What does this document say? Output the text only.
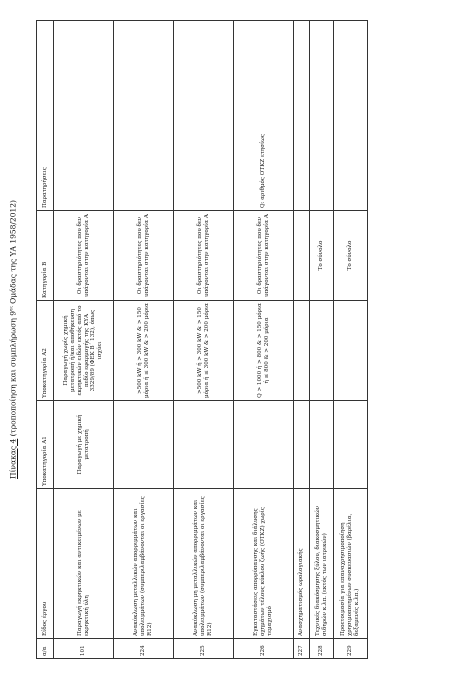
Πίνακας 4 (τροποποίηση και συμπλήρωση $9^{\eta\varsigma}$ Ομάδας της ΥΑ 1958/2012)
α/α	Είδος έργου	Υποκατηγορία Α1	Υποκατηγορία Α2	Κατηγορία Β	Παρατηρήσεις
101	Παραγωγή εκρηκτικών και αντικειμένων με εκρηκτική ύλη	Παραγωγή με χημική μετατροπή	Παραγωγή χωρίς χημική μετατροπή ή/και αποθήκευση εκρηκτικών ειδών εκτός από το πεδίο εφαρμογής της ΚΥΑ 3329/89 (ΦΕΚ Β΄ 132), όπως ισχύει	Οι δραστηριότητες που δεν υπάγονται στην κατηγορία Α	
224	Ανακύκλωση μεταλλικών απορριμμάτων και υπολειμμάτων (συμπεριλαμβάνονται οι εργασίες R12)		>500 kW ή > 300 kW & > 150 μόρια ή ≤ 300 kW & > 200 μόρια	Οι δραστηριότητες που δεν υπάγονται στην κατηγορία Α	
225	Ανακύκλωση μη μεταλλικών απορριμμάτων και υπολειμμάτων (συμπεριλαμβάνονται οι εργασίες R12)		>500 kW ή > 300 kW & > 150 μόρια ή ≤ 300 kW & > 200 μόρια	Οι δραστηριότητες που δεν υπάγονται στην κατηγορία Α	
226	Εγκαταστάσεις απορρύπανσης και διάλυσης οχημάτων τέλους κύκλου ζωής (ΟΤΚΖ) χωρίς τεμαχισμό		Q > 1000 ή > 800 & > 150 μόρια ή ≤ 800 & > 200 μόρια	Οι δραστηριότητες που δεν υπάγονται στην κατηγορία Α	Q: αριθμός ΟΤΚΖ ετησίως
227	Ανασχηματισμός ωρολογιακής				
228	Τεχνικές διακόσμησης ξύλου, διακοσμητικών σιδηρών κ.λπ. (εκτός των ιατρικών)			Το σύνολο	
229	Προετοιμασία για επαναχρησιμοποίηση χρησιμοποιημένων συσκευασιών (βαρέλια, δεξαμενές κ.λπ.)			Το σύνολο	
